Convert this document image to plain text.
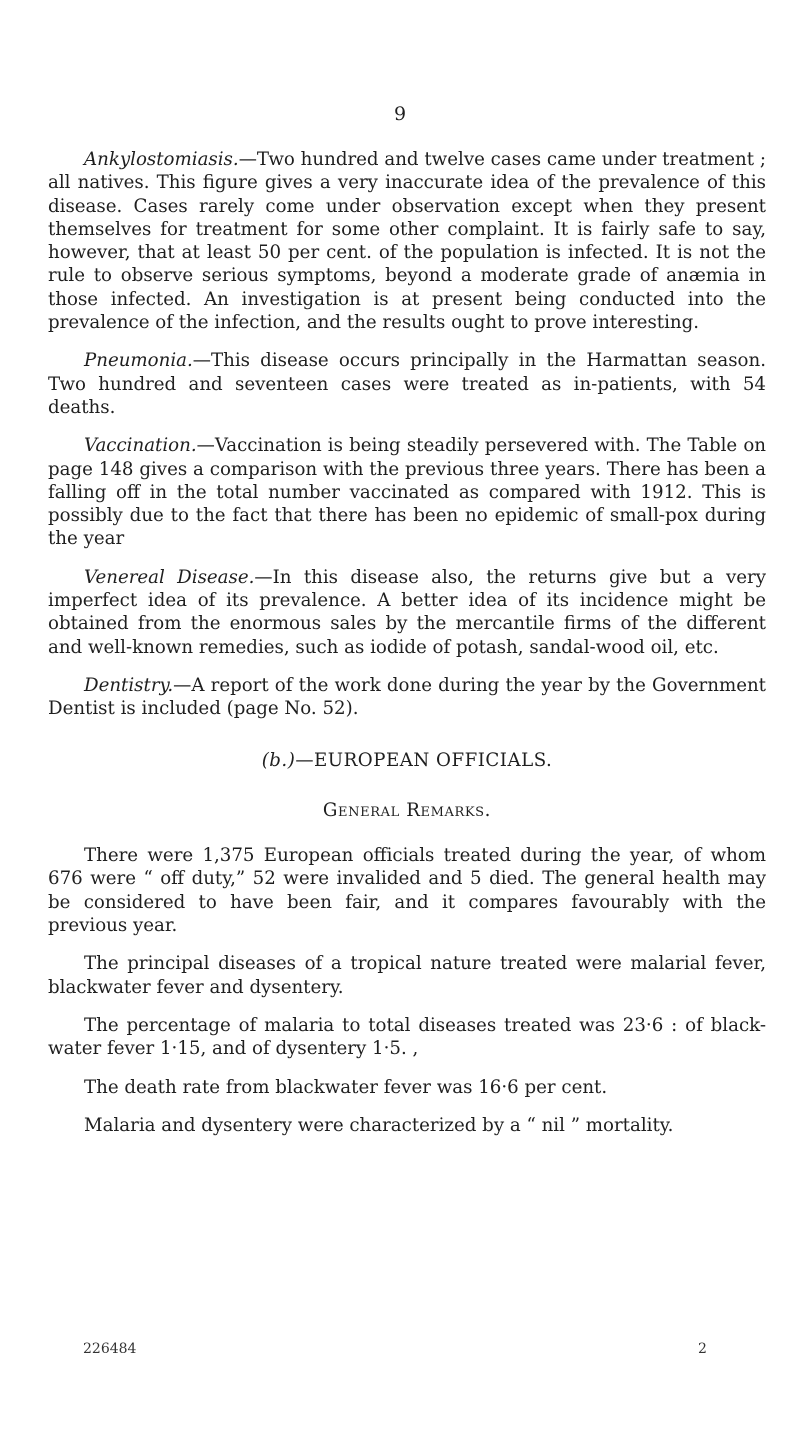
9

Ankylostomiasis.—Two hundred and twelve cases came under treatment ; all natives. This figure gives a very inaccurate idea of the prevalence of this disease. Cases rarely come under observation except when they present themselves for treatment for some other complaint. It is fairly safe to say, however, that at least 50 per cent. of the population is infected. It is not the rule to observe serious symptoms, beyond a moderate grade of anæmia in those infected. An investigation is at present being conducted into the prevalence of the infection, and the results ought to prove interesting.

Pneumonia.—This disease occurs principally in the Harmattan season. Two hundred and seventeen cases were treated as in-patients, with 54 deaths.

Vaccination.—Vaccination is being steadily persevered with. The Table on page 148 gives a comparison with the previous three years. There has been a falling off in the total number vaccinated as compared with 1912. This is possibly due to the fact that there has been no epidemic of small-pox during the year

Venereal Disease.—In this disease also, the returns give but a very imperfect idea of its prevalence. A better idea of its incidence might be obtained from the enormous sales by the mercantile firms of the different and well-known remedies, such as iodide of potash, sandal-wood oil, etc.

Dentistry.—A report of the work done during the year by the Government Dentist is included (page No. 52).

(b.)—EUROPEAN OFFICIALS.
General Remarks.

There were 1,375 European officials treated during the year, of whom 676 were “ off duty,” 52 were invalided and 5 died. The general health may be considered to have been fair, and it compares favourably with the previous year.

The principal diseases of a tropical nature treated were malarial fever, blackwater fever and dysentery.

The percentage of malaria to total diseases treated was 23·6 : of black- water fever 1·15, and of dysentery 1·5. ,

The death rate from blackwater fever was 16·6 per cent.

Malaria and dysentery were characterized by a “ nil ” mortality.

226484	2
